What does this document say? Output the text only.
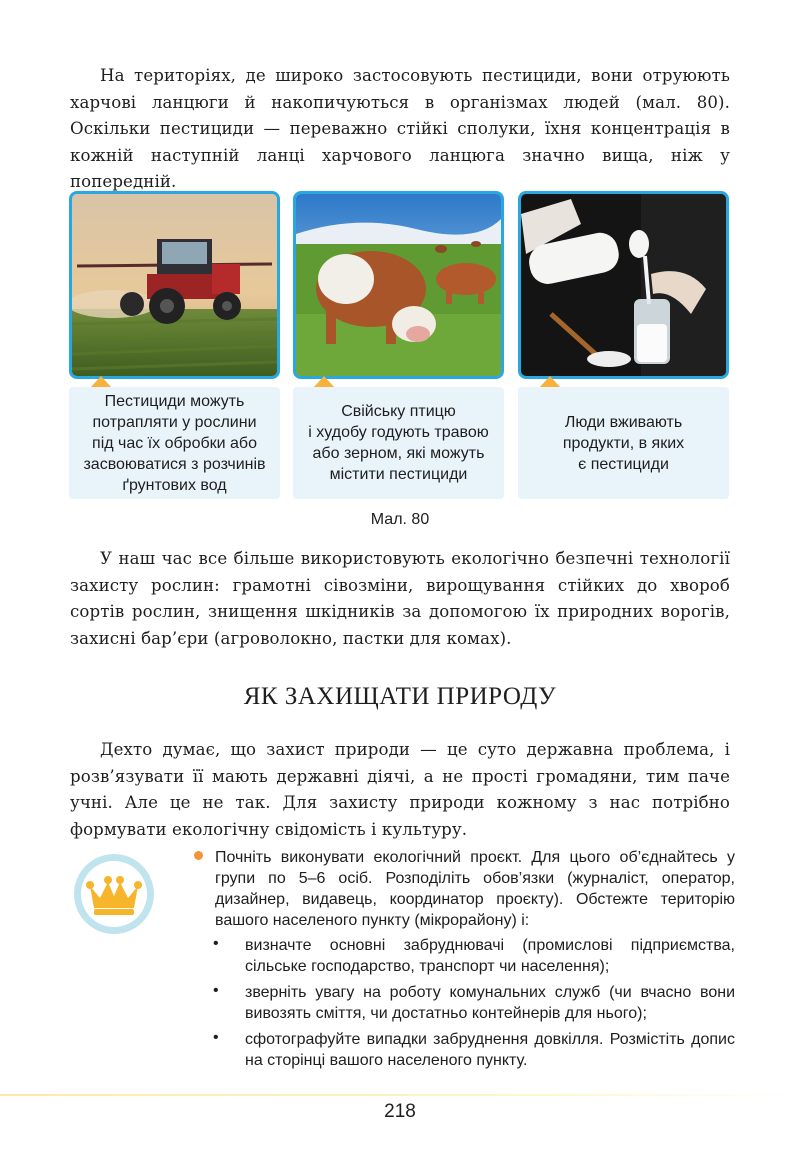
На територіях, де широко застосовують пестициди, вони отруюють харчові ланцюги й накопичуються в організмах людей (мал. 80). Оскільки пестициди — переважно стійкі сполуки, їхня концентрація в кожній наступній ланці харчового ланцюга значно вища, ніж у попередній.
Пестициди можуть
потрапляти у рослини
під час їх обробки або
засвоюватися з розчинів
ґрунтових вод
Свійську птицю
і худобу годують травою
або зерном, які можуть
містити пестициди
Люди вживають
продукти, в яких
є пестициди
Мал. 80
У наш час все більше використовують екологічно безпечні технології захисту рослин: грамотні сівозміни, вирощування стійких до хвороб сортів рослин, знищення шкідників за допомогою їх природних ворогів, захисні бар’єри (агроволокно, пастки для комах).
ЯК ЗАХИЩАТИ ПРИРОДУ
Дехто думає, що захист природи — це суто державна проблема, і розв’язувати її мають державні діячі, а не прості громадяни, тим паче учні. Але це не так. Для захисту природи кожному з нас потрібно формувати екологічну свідомість і культуру.
Почніть виконувати екологічний проєкт. Для цього об’єднайтесь у групи по 5–6 осіб. Розподіліть обов’язки (журналіст, оператор, дизайнер, видавець, координатор проєкту). Обстежте територію вашого населеного пункту (мікрорайону) і:
• визначте основні забруднювачі (промислові підприємства, сільське господарство, транспорт чи населення);
• зверніть увагу на роботу комунальних служб (чи вчасно вони вивозять сміття, чи достатньо контейнерів для нього);
• сфотографуйте випадки забруднення довкілля. Розмістіть допис на сторінці вашого населеного пункту.
218
